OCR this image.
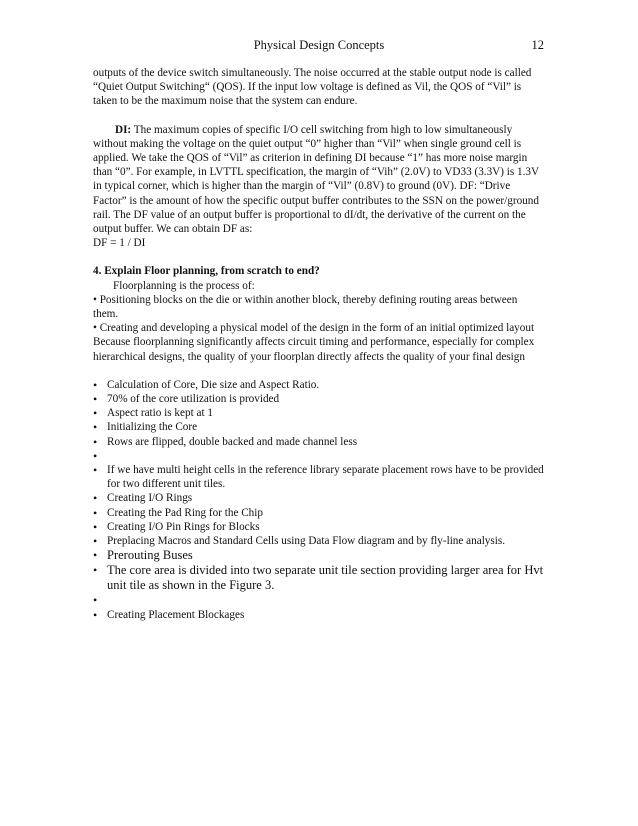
Physical Design Concepts	12

outputs of the device switch simultaneously. The noise occurred at the stable output node is called “Quiet Output Switching“ (QOS). If the input low voltage is defined as Vil, the QOS of “Vil” is taken to be the maximum noise that the system can endure.

DI: The maximum copies of specific I/O cell switching from high to low simultaneously without making the voltage on the quiet output “0” higher than “Vil” when single ground cell is applied. We take the QOS of “Vil” as criterion in defining DI because “1” has more noise margin than “0”. For example, in LVTTL specification, the margin of “Vih” (2.0V) to VD33 (3.3V) is 1.3V in typical corner, which is higher than the margin of “Vil” (0.8V) to ground (0V). DF: “Drive Factor” is the amount of how the specific output buffer contributes to the SSN on the power/ground rail. The DF value of an output buffer is proportional to dI/dt, the derivative of the current on the output buffer. We can obtain DF as:

DF = 1 / DI

4. Explain Floor planning, from scratch to end?

Floorplanning is the process of:

• Positioning blocks on the die or within another block, thereby defining routing areas between them.

• Creating and developing a physical model of the design in the form of an initial optimized layout

Because floorplanning significantly affects circuit timing and performance, especially for complex hierarchical designs, the quality of your floorplan directly affects the quality of your final design

• Calculation of Core, Die size and Aspect Ratio.
• 70% of the core utilization is provided
• Aspect ratio is kept at 1
• Initializing the Core
• Rows are flipped, double backed and made channel less
•
• If we have multi height cells in the reference library separate placement rows have to be provided for two different unit tiles.
• Creating I/O Rings
• Creating the Pad Ring for the Chip
• Creating I/O Pin Rings for Blocks
• Preplacing Macros and Standard Cells using Data Flow diagram and by fly-line analysis.
• Prerouting Buses
• The core area is divided into two separate unit tile section providing larger area for Hvt unit tile as shown in the Figure 3.
•
• Creating Placement Blockages
